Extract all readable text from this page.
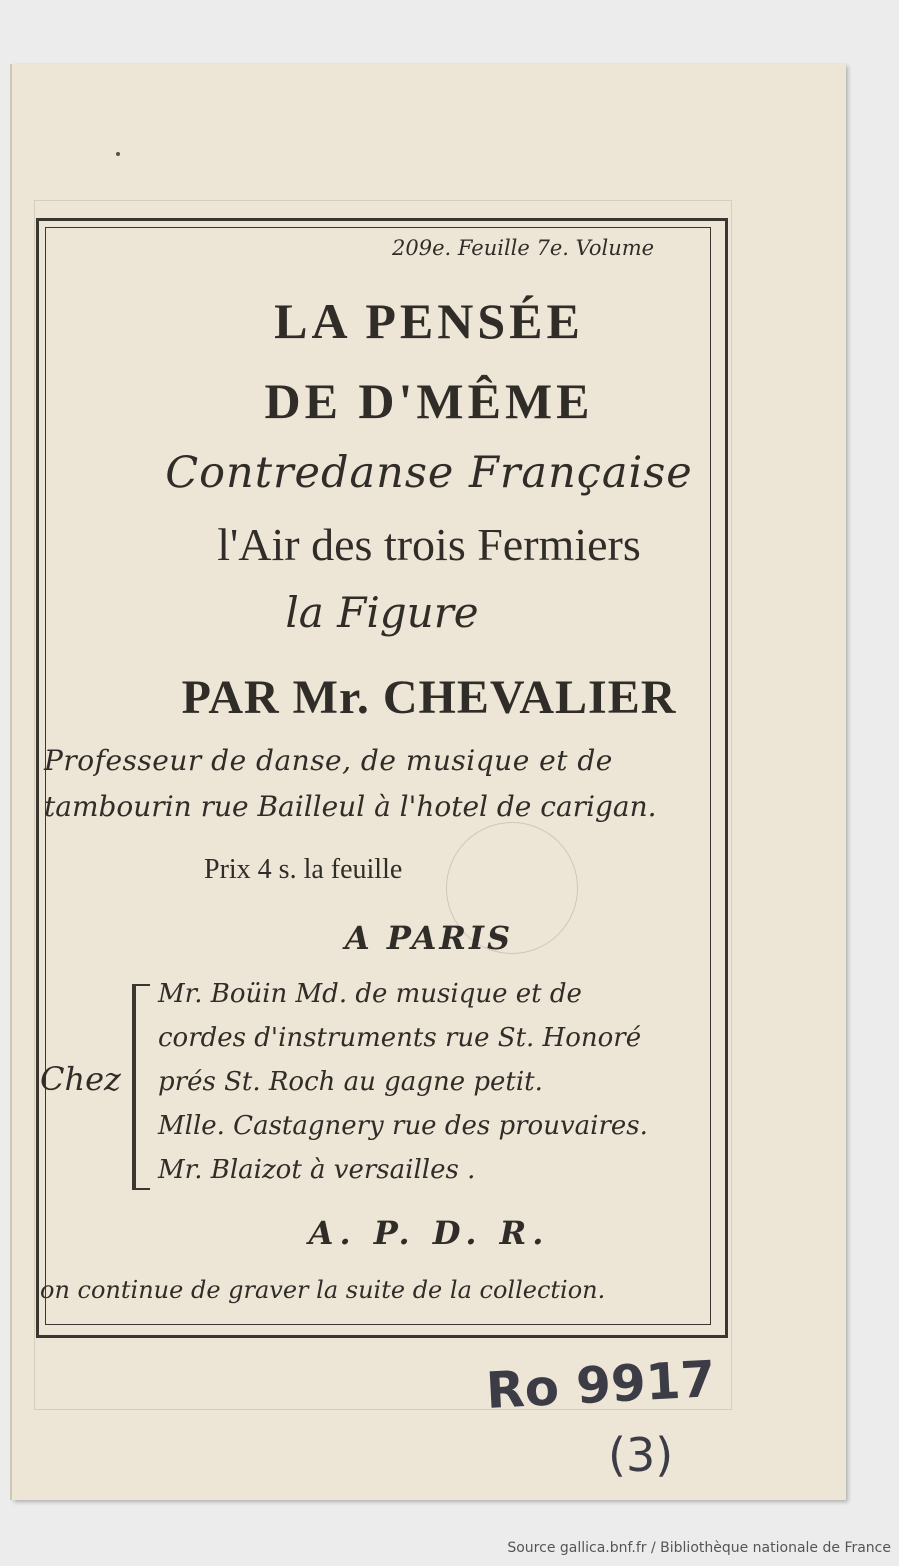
209e. Feuille 7e. Volume
LA PENSÉE
DE D'MÊME
Contredanse Française
l'Air des trois Fermiers
la Figure
PAR Mr. CHEVALIER
Professeur de danse, de musique et de
tambourin rue Bailleul à l'hotel de carigan.
Prix 4 s. la feuille
A PARIS
Chez
Mr. Boüin Md. de musique et de
cordes d'instruments rue St. Honoré
prés St. Roch au gagne petit.
Mlle. Castagnery rue des prouvaires.
Mr. Blaizot à versailles .
A. P. D. R.
on continue de graver la suite de la collection.
Ro 9917
(3)
Source gallica.bnf.fr / Bibliothèque nationale de France
